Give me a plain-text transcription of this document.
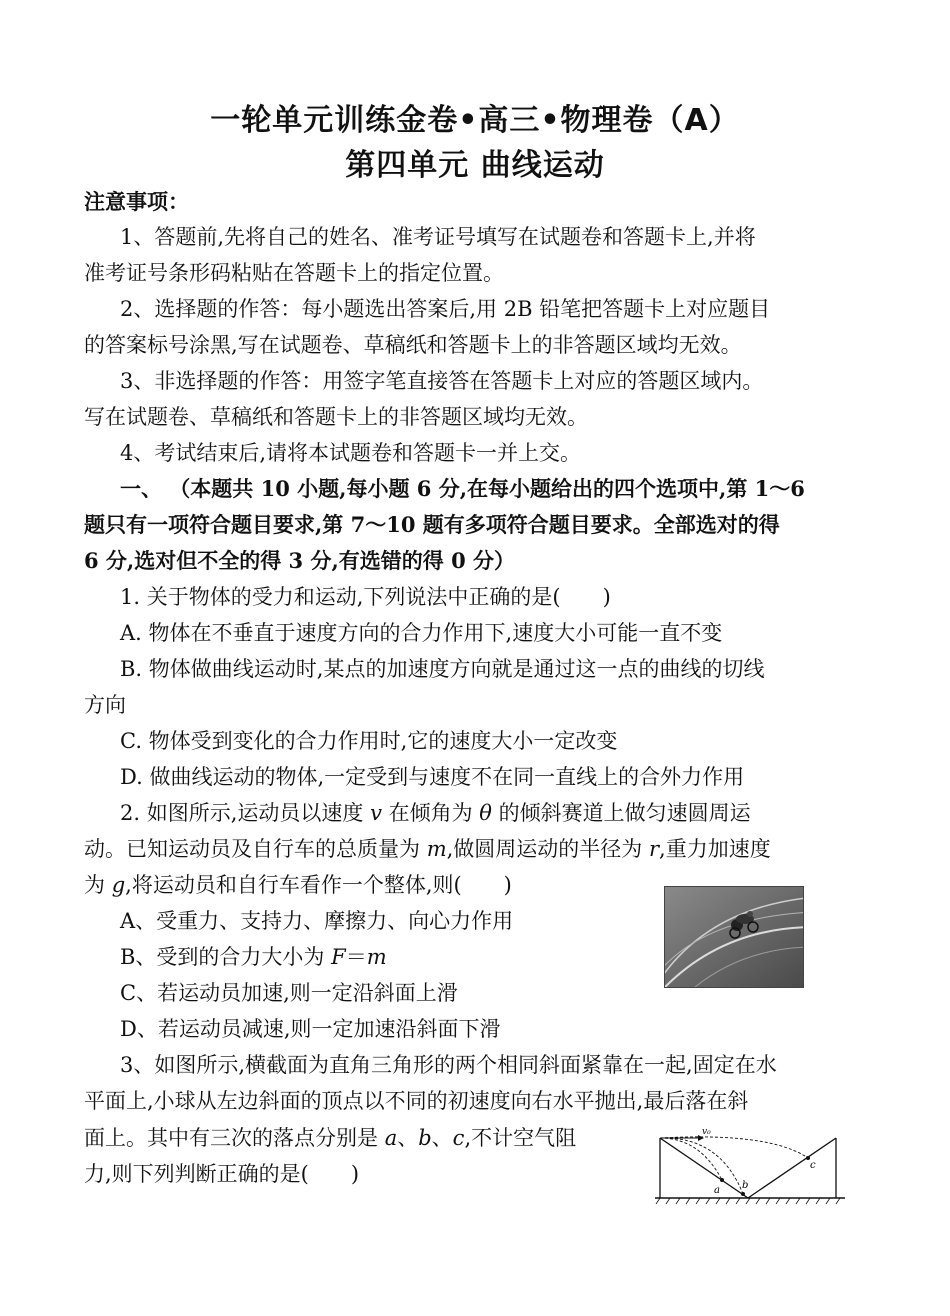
一轮单元训练金卷•高三•物理卷（A）
第四单元 曲线运动
注意事项：
1、答题前,先将自己的姓名、准考证号填写在试题卷和答题卡上,并将
准考证号条形码粘贴在答题卡上的指定位置。
2、选择题的作答：每小题选出答案后,用 2B 铅笔把答题卡上对应题目
的答案标号涂黑,写在试题卷、草稿纸和答题卡上的非答题区域均无效。
3、非选择题的作答：用签字笔直接答在答题卡上对应的答题区域内。
写在试题卷、草稿纸和答题卡上的非答题区域均无效。
4、考试结束后,请将本试题卷和答题卡一并上交。
一、 （本题共 10 小题,每小题 6 分,在每小题给出的四个选项中,第 1～6
题只有一项符合题目要求,第 7～10 题有多项符合题目要求。全部选对的得
6 分,选对但不全的得 3 分,有选错的得 0 分）
1. 关于物体的受力和运动,下列说法中正确的是(　　)
A. 物体在不垂直于速度方向的合力作用下,速度大小可能一直不变
B. 物体做曲线运动时,某点的加速度方向就是通过这一点的曲线的切线
方向
C. 物体受到变化的合力作用时,它的速度大小一定改变
D. 做曲线运动的物体,一定受到与速度不在同一直线上的合外力作用
2. 如图所示,运动员以速度 v 在倾角为 θ 的倾斜赛道上做匀速圆周运
动。已知运动员及自行车的总质量为 m,做圆周运动的半径为 r,重力加速度
为 g,将运动员和自行车看作一个整体,则(　　)
A、受重力、支持力、摩擦力、向心力作用
B、受到的合力大小为 F＝m
C、若运动员加速,则一定沿斜面上滑
D、若运动员减速,则一定加速沿斜面下滑
3、如图所示,横截面为直角三角形的两个相同斜面紧靠在一起,固定在水
平面上,小球从左边斜面的顶点以不同的初速度向右水平抛出,最后落在斜
面上。其中有三次的落点分别是 a、b、c,不计空气阻
力,则下列判断正确的是(　　)
v₀
a b
c
